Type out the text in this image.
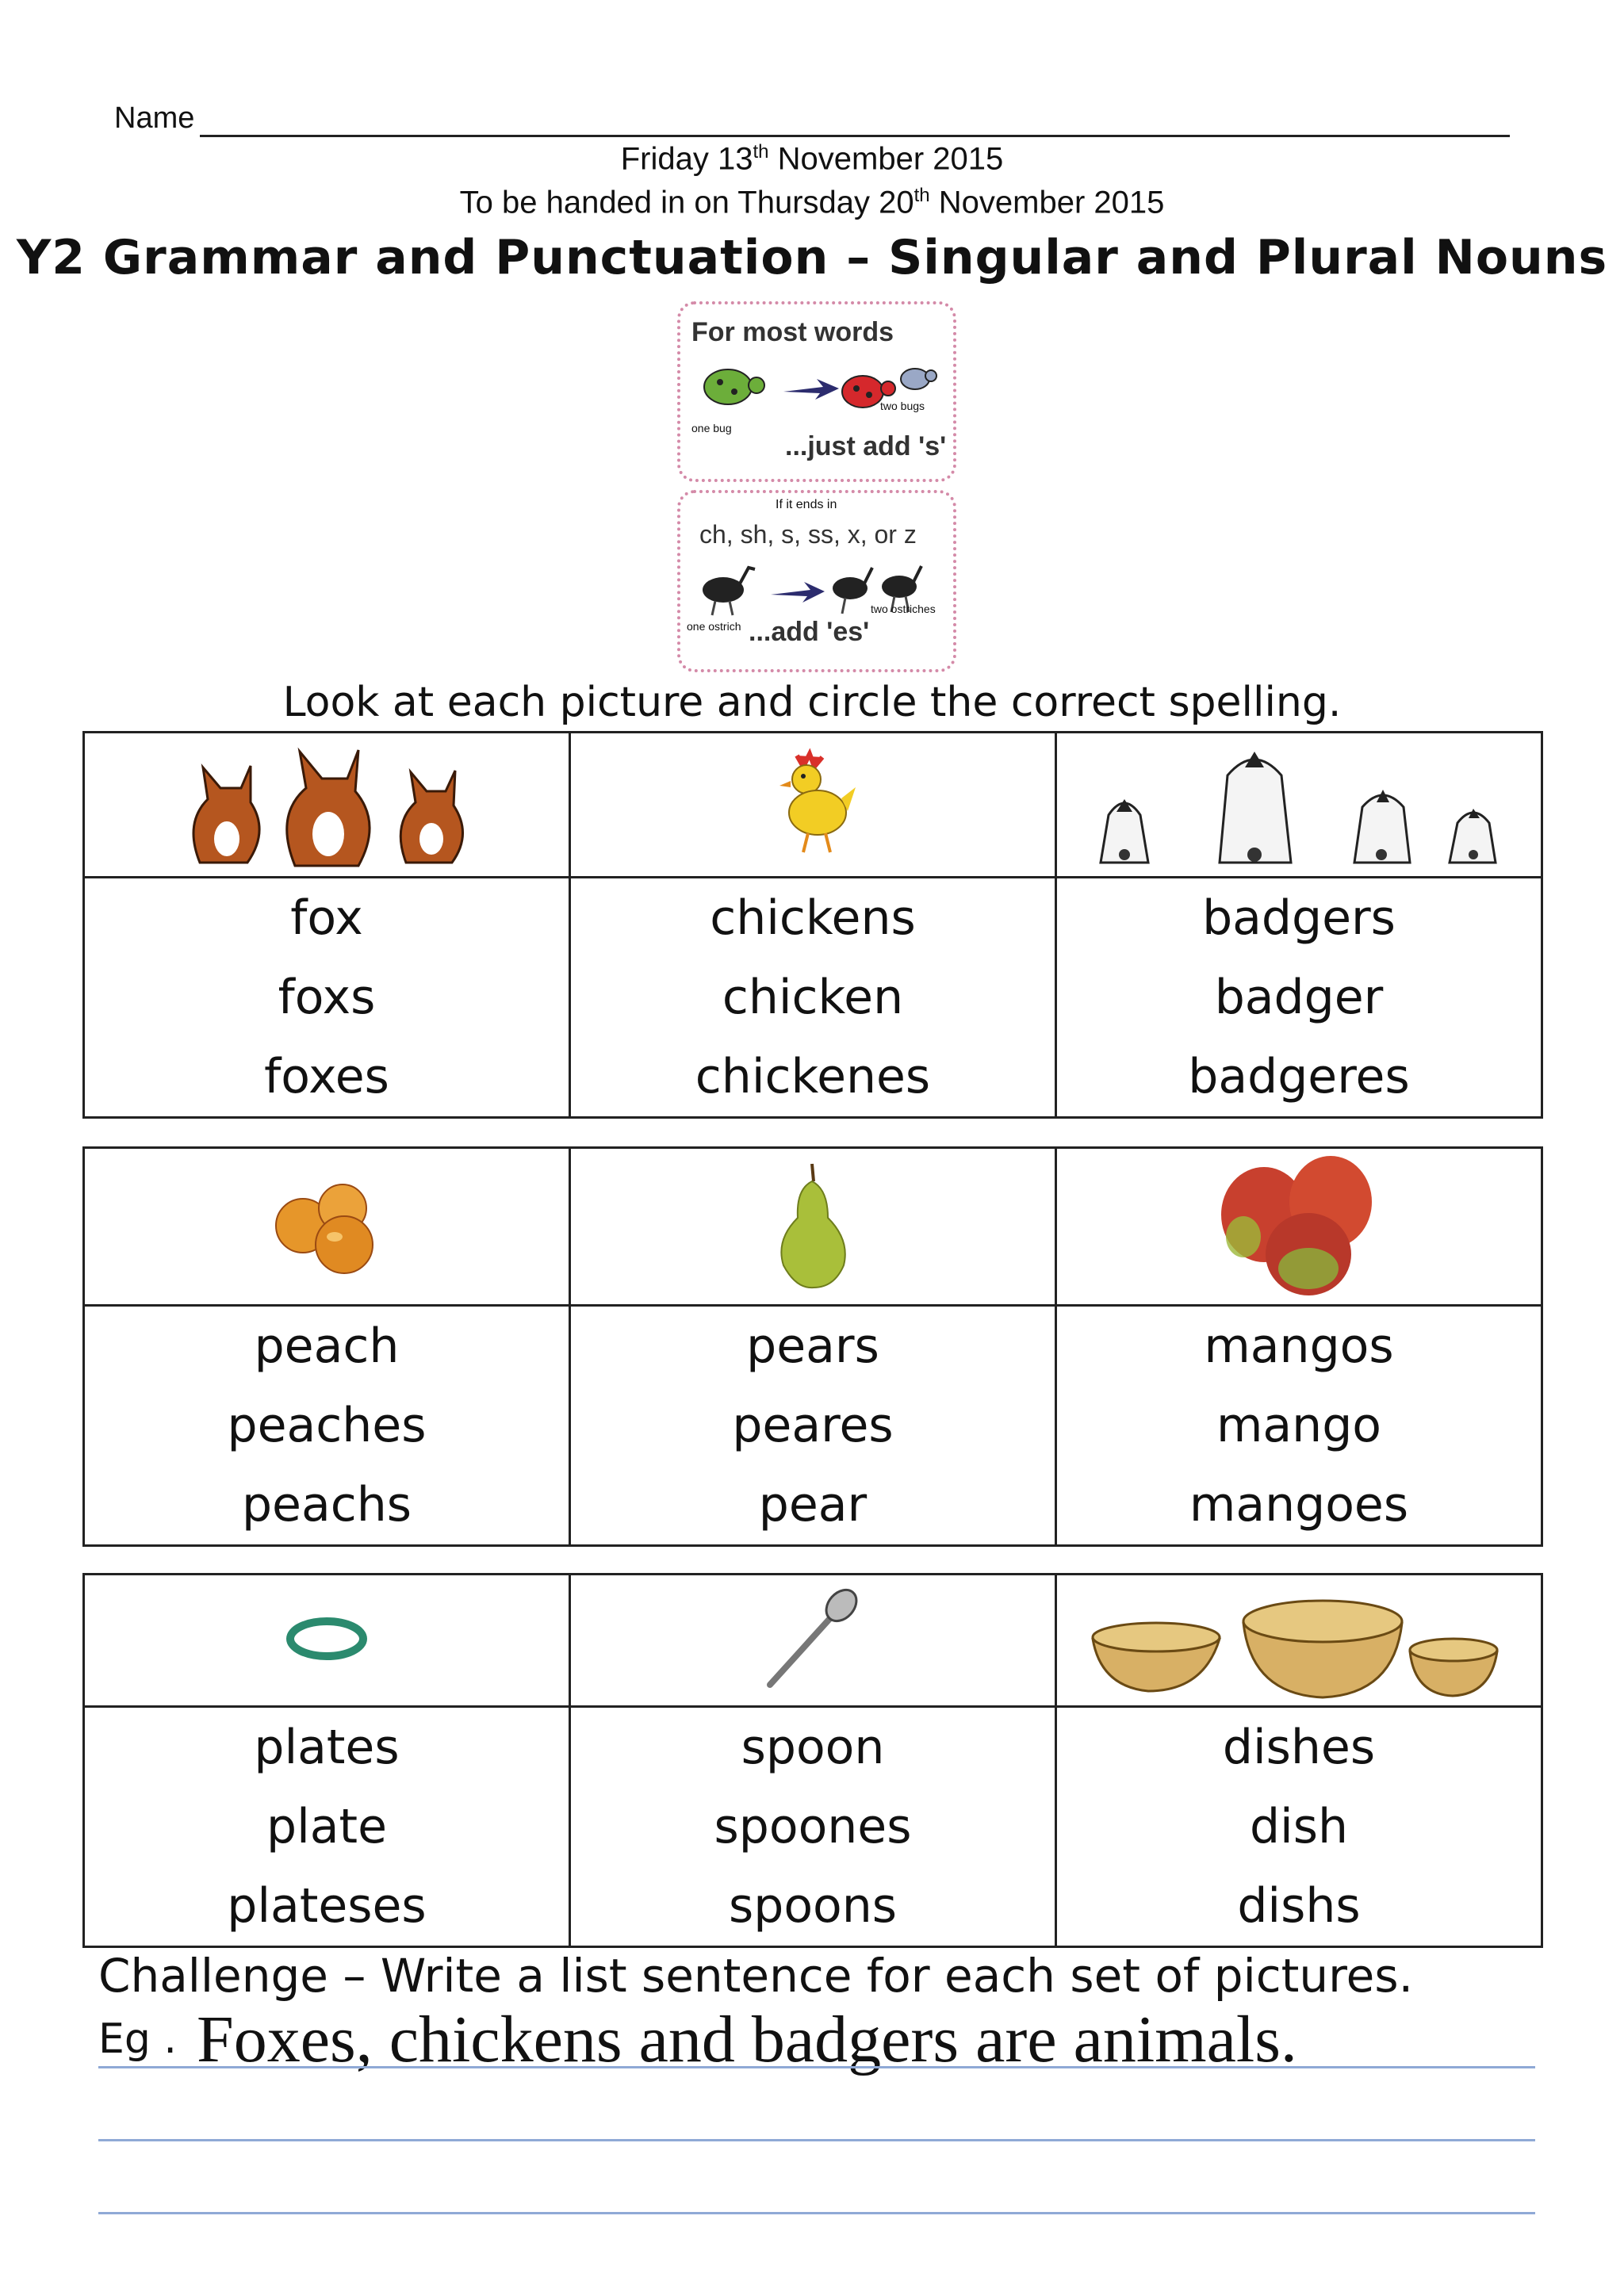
Name
Friday 13th November 2015
To be handed in on Thursday 20th November 2015
Y2 Grammar and Punctuation – Singular and Plural Nouns
For most words
one bug
two bugs
...just add 's'
If it ends in
ch, sh, s, ss, x, or z
one ostrich
two ostriches
...add 'es'
Look at each picture and circle the correct spelling.

fox
foxs
foxes	chickens
chicken
chickenes	badgers
badger
badgeres

peach
peaches
peachs	pears
peares
pear	mangos
mango
mangoes

plates
plate
plateses	spoon
spoones
spoons	dishes
dish
dishs
Challenge – Write a list sentence for each set of pictures.
Eg . Foxes, chickens and badgers are animals.
